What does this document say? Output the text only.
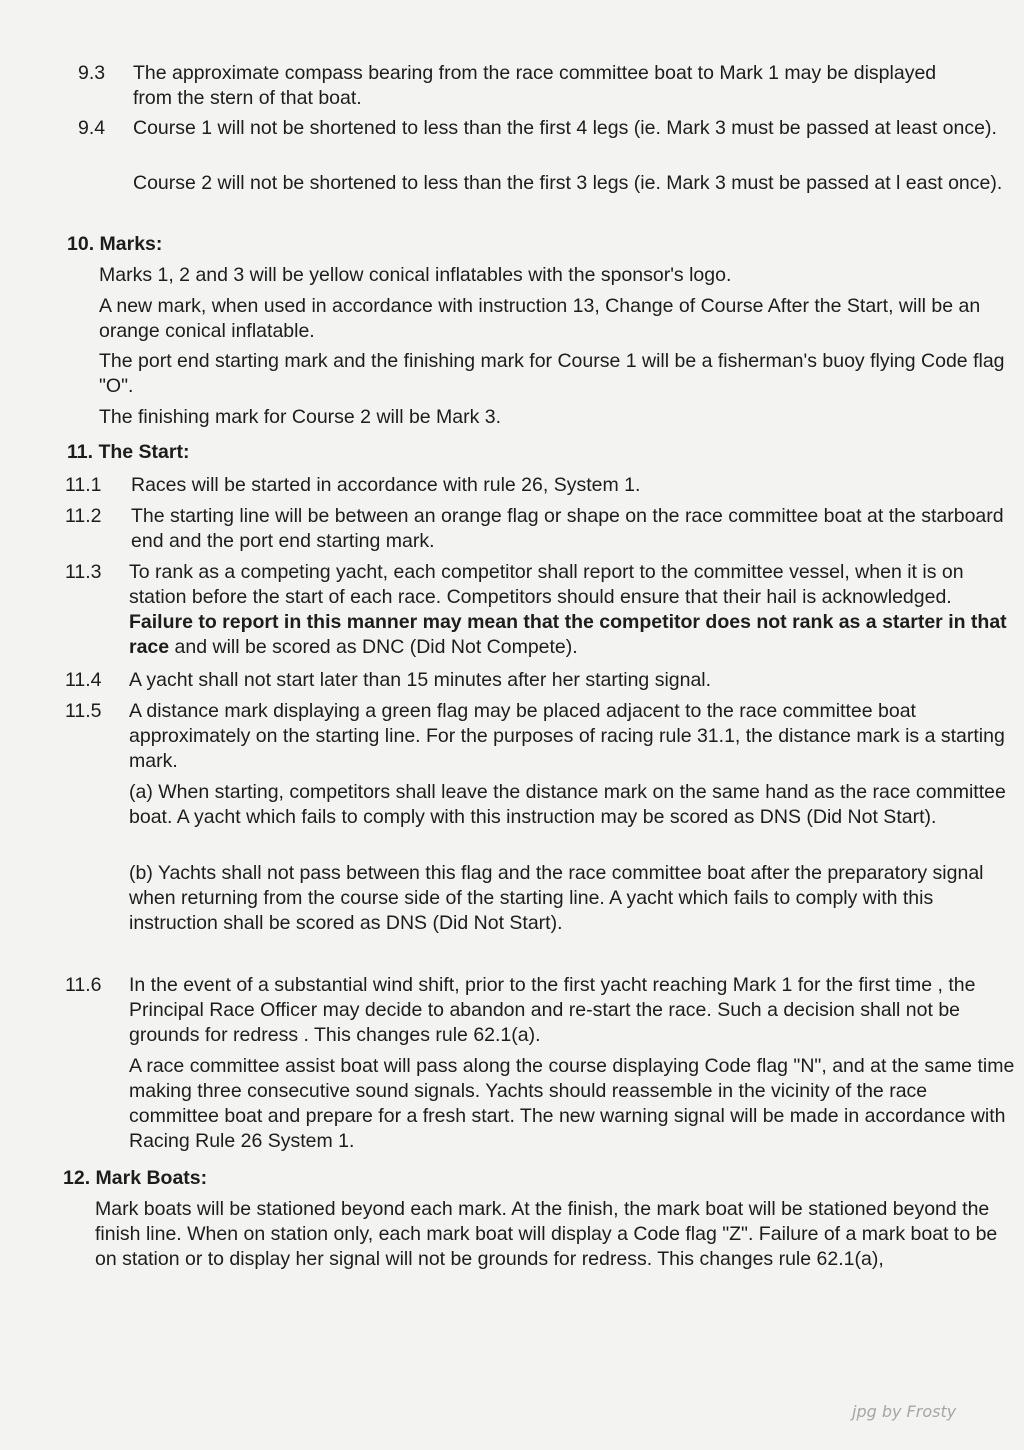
9.3 The approximate compass bearing from the race committee boat to Mark 1 may be displayed from the stern of that boat.
9.4 Course 1 will not be shortened to less than the first 4 legs (ie. Mark 3 must be passed at least once).
Course 2 will not be shortened to less than the first 3 legs (ie. Mark 3 must be passed at l east once).
10. Marks:
Marks 1, 2 and 3 will be yellow conical inflatables with the sponsor's logo.
A new mark, when used in accordance with instruction 13, Change of Course After the Start, will be an orange conical inflatable.
The port end starting mark and the finishing mark for Course 1 will be a fisherman's buoy flying Code flag "O".
The finishing mark for Course 2 will be Mark 3.
11. The Start:
11.1 Races will be started in accordance with rule 26, System 1.
11.2 The starting line will be between an orange flag or shape on the race committee boat at the starboard end and the port end starting mark.
11.3 To rank as a competing yacht, each competitor shall report to the committee vessel, when it is on station before the start of each race. Competitors should ensure that their hail is acknowledged. Failure to report in this manner may mean that the competitor does not rank as a starter in that race and will be scored as DNC (Did Not Compete).
11.4 A yacht shall not start later than 15 minutes after her starting signal.
11.5 A distance mark displaying a green flag may be placed adjacent to the race committee boat approximately on the starting line. For the purposes of racing rule 31.1, the distance mark is a starting mark.
(a) When starting, competitors shall leave the distance mark on the same hand as the race committee boat. A yacht which fails to comply with this instruction may be scored as DNS (Did Not Start).
(b) Yachts shall not pass between this flag and the race committee boat after the preparatory signal when returning from the course side of the starting line. A yacht which fails to comply with this instruction shall be scored as DNS (Did Not Start).
11.6 In the event of a substantial wind shift, prior to the first yacht reaching Mark 1 for the first time , the Principal Race Officer may decide to abandon and re-start the race. Such a decision shall not be grounds for redress . This changes rule 62.1(a).
A race committee assist boat will pass along the course displaying Code flag "N", and at the same time making three consecutive sound signals. Yachts should reassemble in the vicinity of the race committee boat and prepare for a fresh start. The new warning signal will be made in accordance with Racing Rule 26 System 1.
12. Mark Boats:
Mark boats will be stationed beyond each mark. At the finish, the mark boat will be stationed beyond the finish line. When on station only, each mark boat will display a Code flag "Z". Failure of a mark boat to be on station or to display her signal will not be grounds for redress. This changes rule 62.1(a),
jpg by Frosty
